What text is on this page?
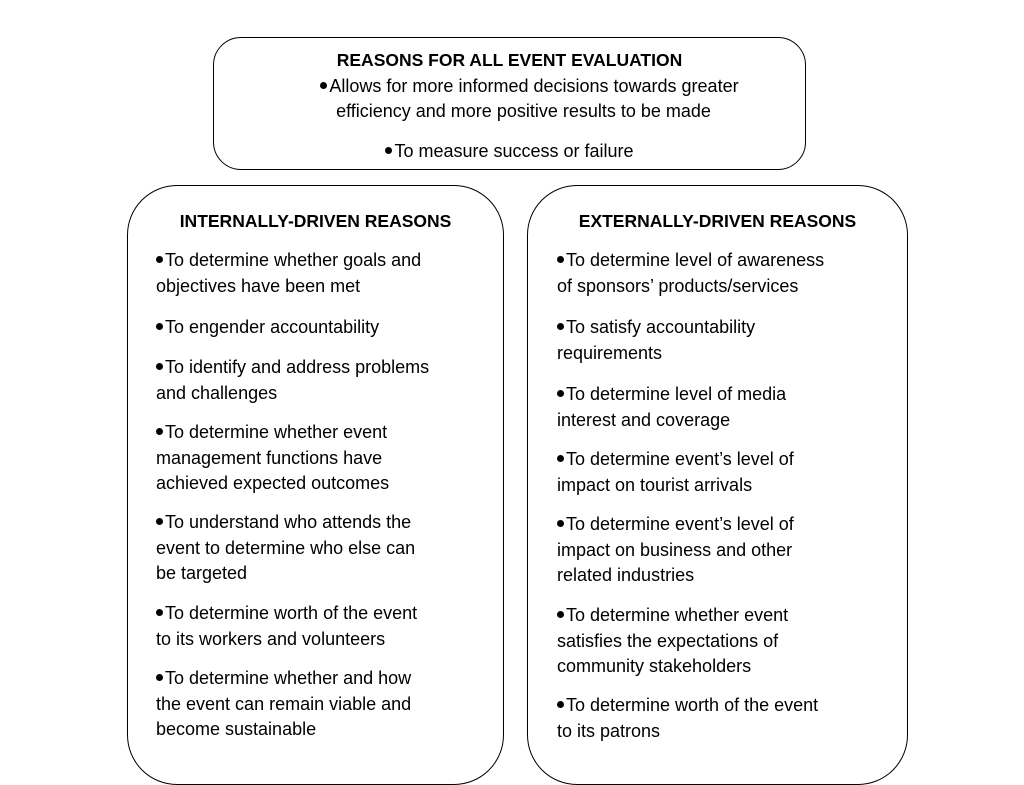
REASONS FOR ALL EVENT EVALUATION
Allows for more informed decisions towards greater
efficiency and more positive results to be made
To measure success or failure
INTERNALLY-DRIVEN REASONS
To determine whether goals and
objectives have been met
To engender accountability
To identify and address problems
and challenges
To determine whether event
management functions have
achieved expected outcomes
To understand who attends the
event to determine who else can
be targeted
To determine worth of the event
to its workers and volunteers
To determine whether and how
the event can remain viable and
become sustainable
EXTERNALLY-DRIVEN REASONS
To determine level of awareness
of sponsors’ products/services
To satisfy accountability
requirements
To determine level of media
interest and coverage
To determine event’s level of
impact on tourist arrivals
To determine event’s level of
impact on business and other
related industries
To determine whether event
satisfies the expectations of
community stakeholders
To determine worth of the event
to its patrons
